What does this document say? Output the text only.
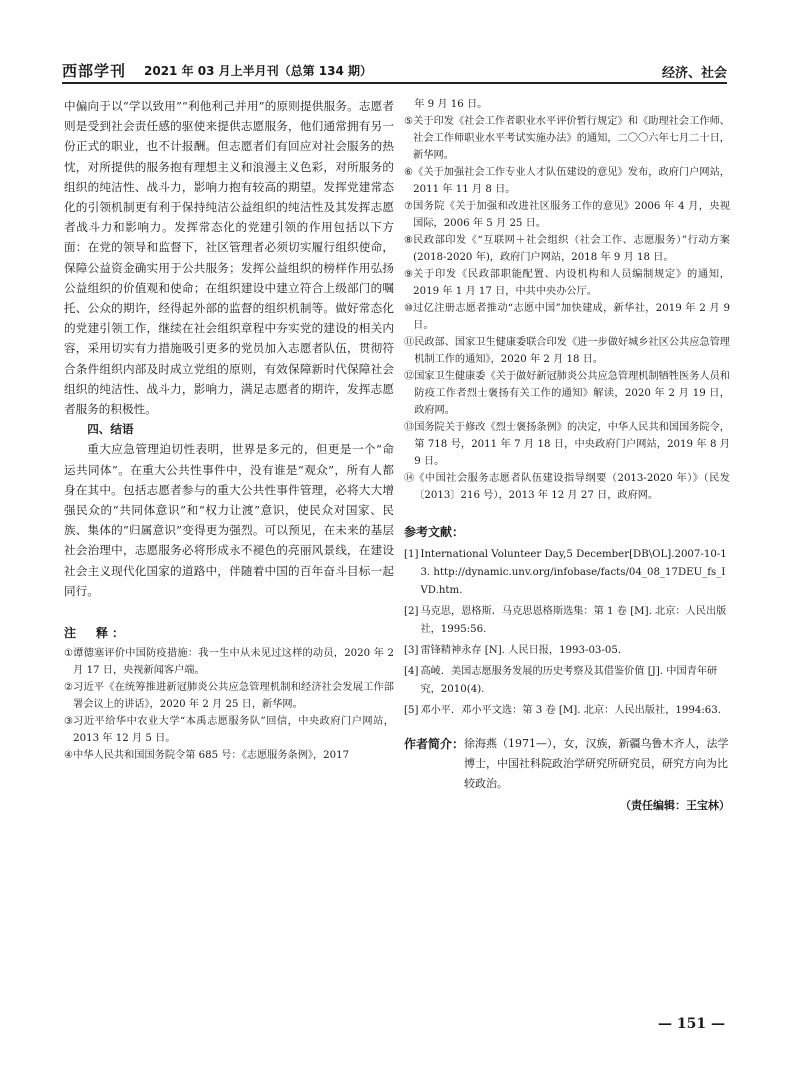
西部学刊 2021 年 03 月上半月刊（总第 134 期）	经济、社会

中偏向于以“学以致用”“利他利己并用”的原则提供服务。志愿者则是受到社会责任感的驱使来提供志愿服务，他们通常拥有另一份正式的职业，也不计报酬。但志愿者们有回应对社会服务的热忱，对所提供的服务抱有理想主义和浪漫主义色彩，对所服务的组织的纯洁性、战斗力，影响力抱有较高的期望。发挥党建常态化的引领机制更有利于保持纯洁公益组织的纯洁性及其发挥志愿者战斗力和影响力。发挥常态化的党建引领的作用包括以下方面：在党的领导和监督下，社区管理者必须切实履行组织使命，保障公益资金确实用于公共服务；发挥公益组织的榜样作用弘扬公益组织的价值观和使命；在组织建设中建立符合上级部门的嘱托、公众的期许，经得起外部的监督的组织机制等。做好常态化的党建引领工作，继续在社会组织章程中夯实党的建设的相关内容，采用切实有力措施吸引更多的党员加入志愿者队伍，贯彻符合条件组织内部及时成立党组的原则，有效保障新时代保障社会组织的纯洁性、战斗力，影响力，满足志愿者的期许，发挥志愿者服务的积极性。

四、结语

重大应急管理迫切性表明，世界是多元的，但更是一个“命运共同体”。在重大公共性事件中，没有谁是“观众”，所有人都身在其中。包括志愿者参与的重大公共性事件管理，必将大大增强民众的“共同体意识”和“权力让渡”意识，使民众对国家、民族、集体的“归属意识”变得更为强烈。可以预见，在未来的基层社会治理中，志愿服务必将形成永不褪色的亮丽风景线，在建设社会主义现代化国家的道路中，伴随着中国的百年奋斗目标一起同行。

注　释：

① 谭德塞评价中国防疫措施：我一生中从未见过这样的动员，2020 年 2 月 17 日，央视新闻客户端。
② 习近平《在统筹推进新冠肺炎公共应急管理机制和经济社会发展工作部署会议上的讲话》，2020 年 2 月 25 日，新华网。
③ 习近平给华中农业大学“本禹志愿服务队”回信，中央政府门户网站，2013 年 12 月 5 日。
④ 中华人民共和国国务院令第 685 号：《志愿服务条例》，2017
年 9 月 16 日。
⑤ 关于印发《社会工作者职业水平评价暂行规定》和《助理社会工作师、社会工作师职业水平考试实施办法》的通知，二〇〇六年七月二十日，新华网。
⑥ 《关于加强社会工作专业人才队伍建设的意见》发布，政府门户网站，2011 年 11 月 8 日。
⑦ 国务院《关于加强和改进社区服务工作的意见》2006 年 4 月，央视国际，2006 年 5 月 25 日。
⑧ 民政部印发《“互联网＋社会组织（社会工作、志愿服务）”行动方案(2018-2020 年)，政府门户网站，2018 年 9 月 18 日。
⑨ 关于印发《民政部职能配置、内设机构和人员编制规定》的通知，2019 年 1 月 17 日，中共中央办公厅。
⑩ 过亿注册志愿者推动“志愿中国”加快建成，新华社，2019 年 2 月 9 日。
⑪ 民政部、国家卫生健康委联合印发《进一步做好城乡社区公共应急管理机制工作的通知》，2020 年 2 月 18 日。
⑫ 国家卫生健康委《关于做好新冠肺炎公共应急管理机制牺牲医务人员和防疫工作者烈士褒扬有关工作的通知》解读，2020 年 2 月 19 日，政府网。
⑬ 国务院关于修改《烈士褒扬条例》的决定，中华人民共和国国务院令，第 718 号，2011 年 7 月 18 日，中央政府门户网站，2019 年 8 月 9 日。
⑭ 《中国社会服务志愿者队伍建设指导纲要（2013-2020 年）》（民发〔2013〕216 号），2013 年 12 月 27 日，政府网。

参考文献：

[1] International Volunteer Day,5 December[DB\OL].2007-10-13. http://dynamic.unv.org/infobase/facts/04_08_17DEU_fs_IVD.htm.
[2] 马克思，恩格斯．马克思恩格斯选集：第 1 卷 [M]. 北京：人民出版社，1995:56.
[3] 雷锋精神永存 [N]. 人民日报，1993-03-05.
[4] 高崚．美国志愿服务发展的历史考察及其借鉴价值 [J]. 中国青年研究，2010(4).
[5] 邓小平．邓小平文选：第 3 卷 [M]. 北京：人民出版社，1994:63.
作者简介： 徐海燕（1971—），女，汉族，新疆乌鲁木齐人，法学博士，中国社科院政治学研究所研究员，研究方向为比较政治。
（责任编辑：王宝林）
— 151 —
